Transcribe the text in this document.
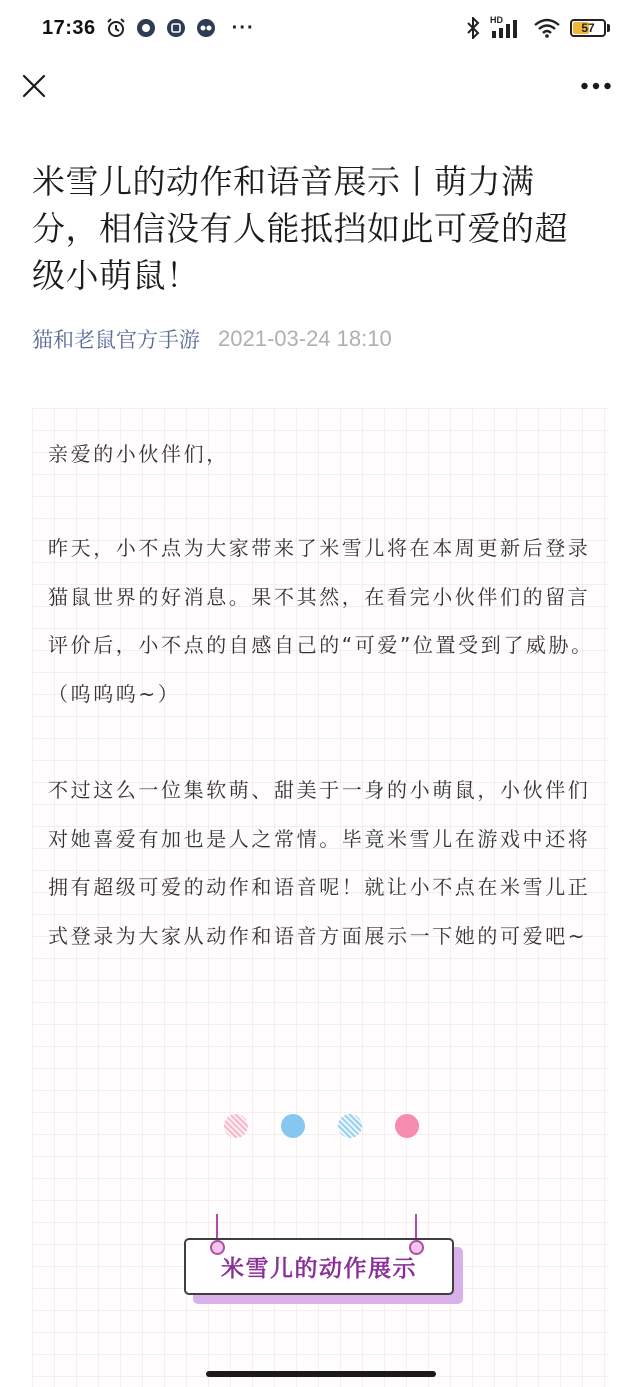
17:36	···	HD
57
米雪儿的动作和语音展示丨萌力满分，相信没有人能抵挡如此可爱的超级小萌鼠！
猫和老鼠官方手游 2021-03-24 18:10

亲爱的小伙伴们，

昨天，小不点为大家带来了米雪儿将在本周更新后登录猫鼠世界的好消息。果不其然，在看完小伙伴们的留言评价后，小不点的自感自己的“可爱”位置受到了威胁。（呜呜呜~）

不过这么一位集软萌、甜美于一身的小萌鼠，小伙伴们对她喜爱有加也是人之常情。毕竟米雪儿在游戏中还将拥有超级可爱的动作和语音呢！就让小不点在米雪儿正式登录为大家从动作和语音方面展示一下她的可爱吧~

米雪儿的动作展示
